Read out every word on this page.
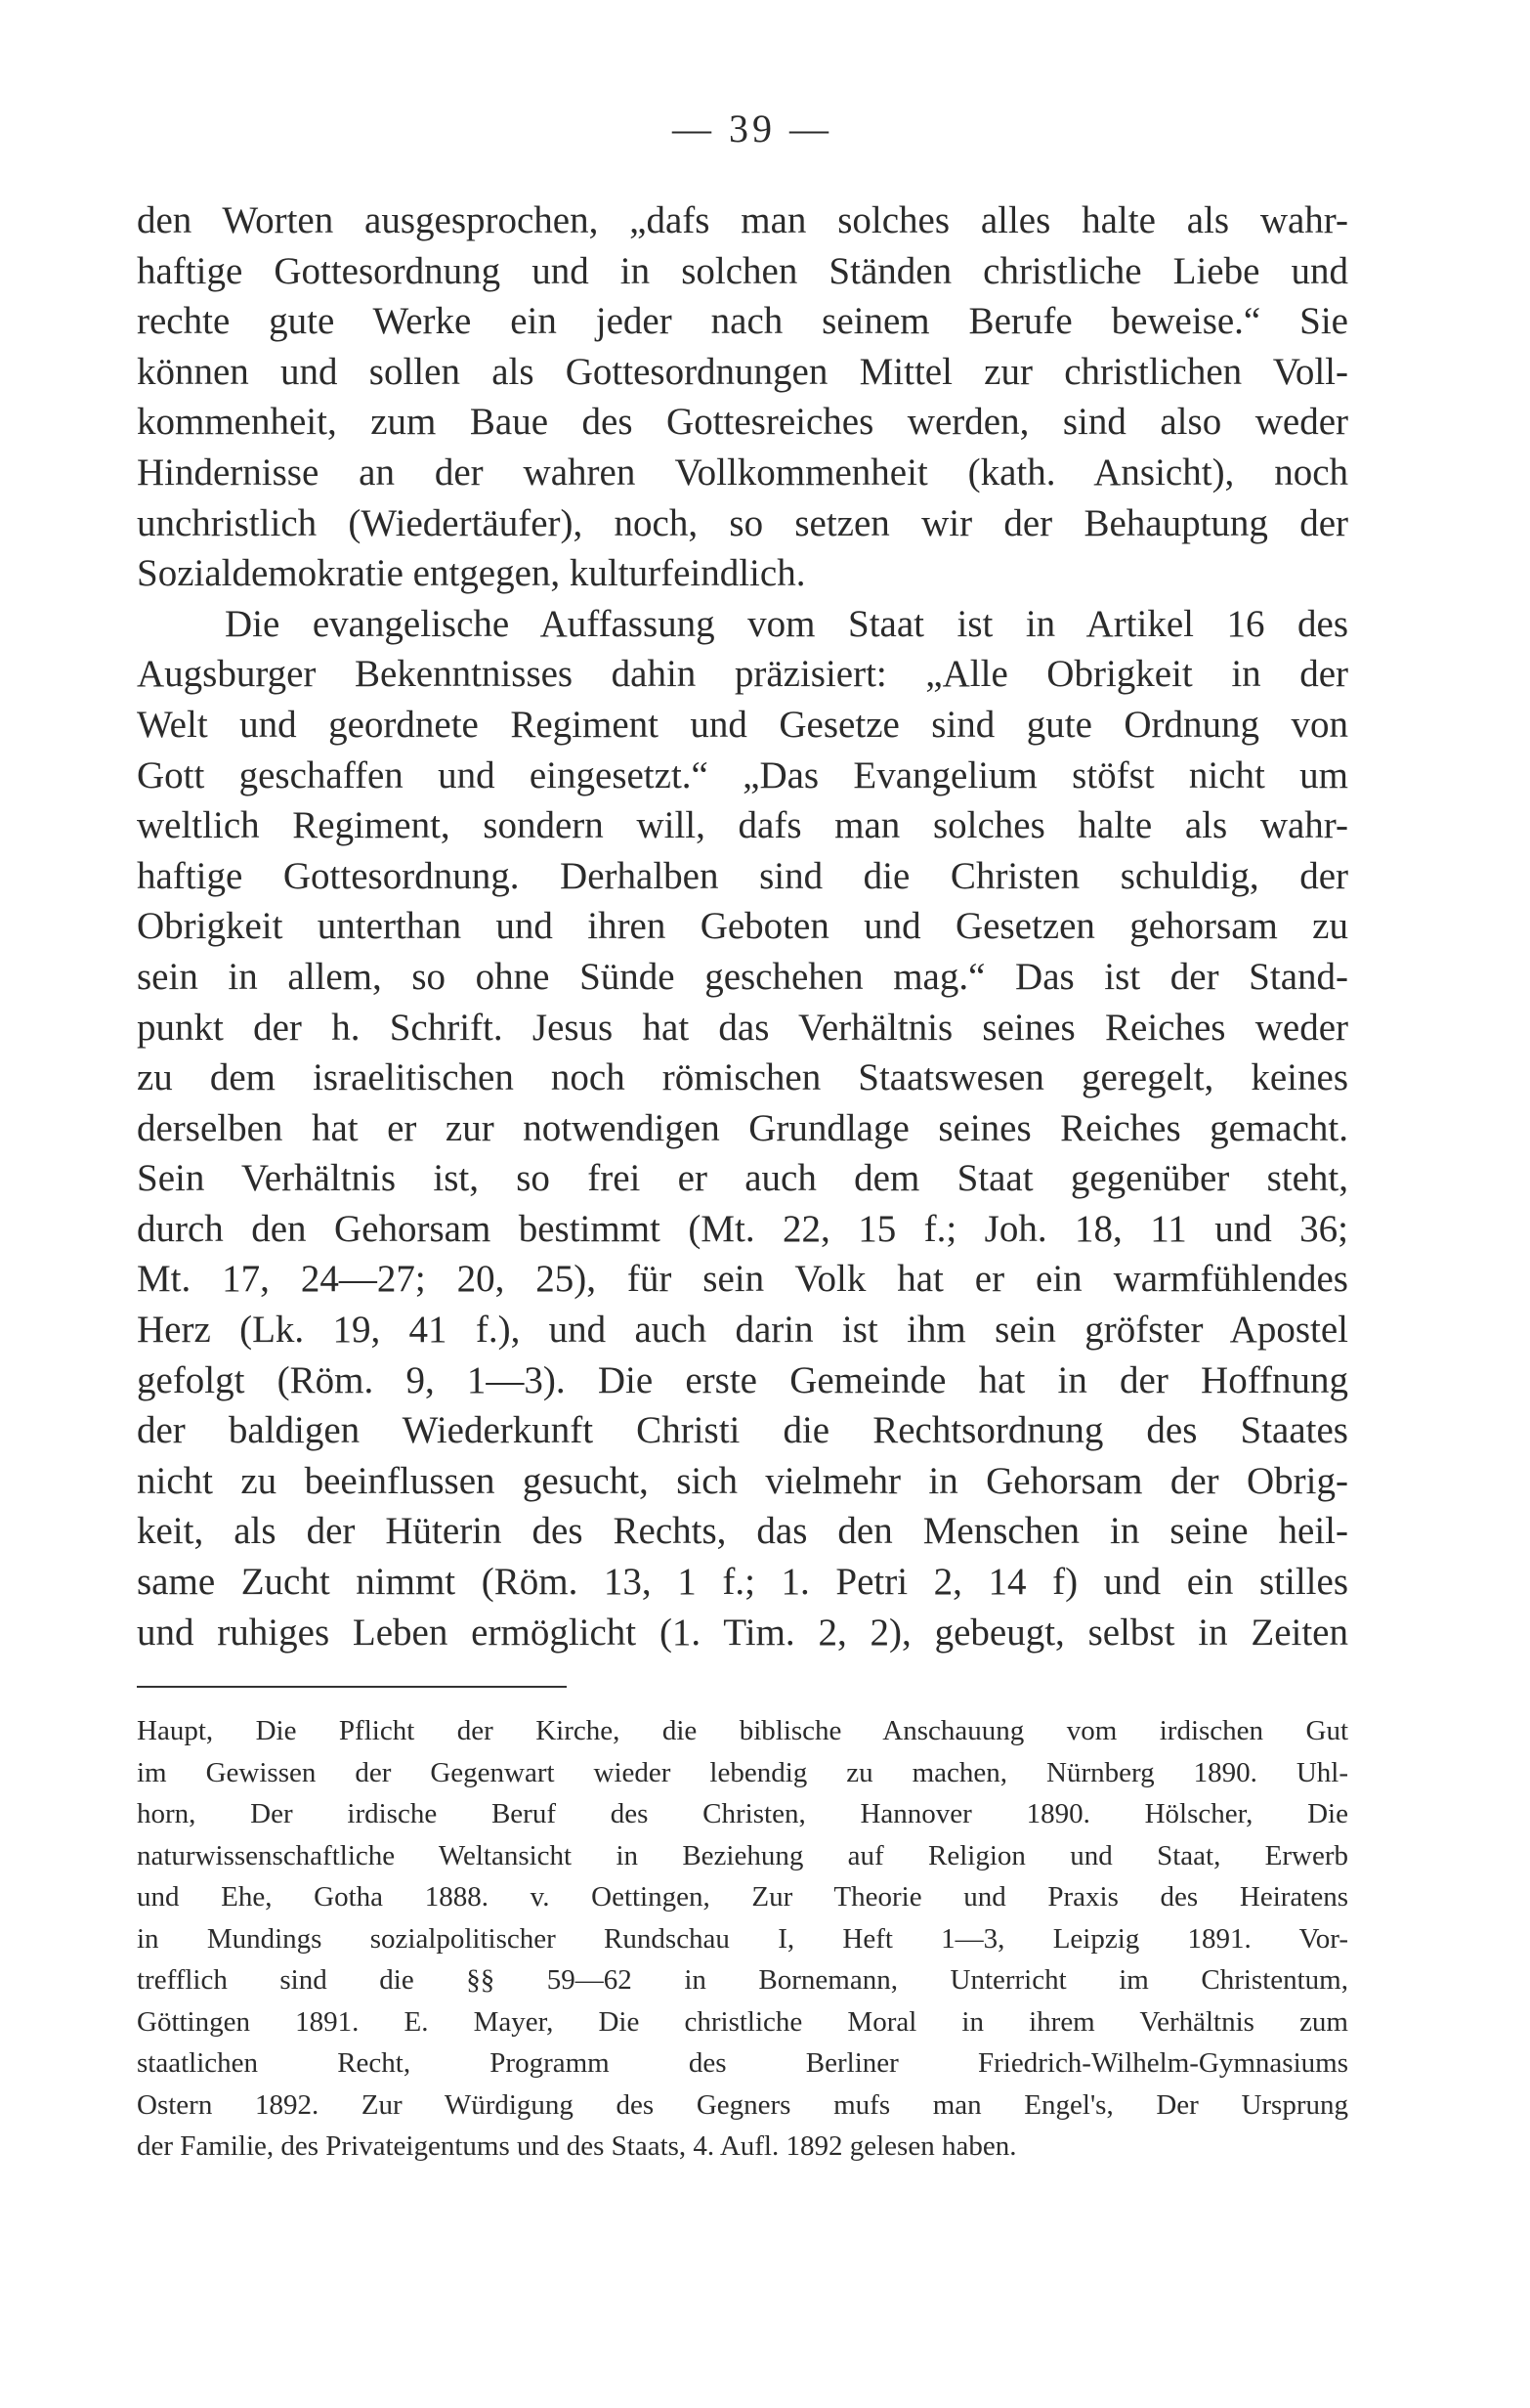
— 39 —
den Worten ausgesprochen, „dafs man solches alles halte als wahr-
haftige Gottesordnung und in solchen Ständen christliche Liebe und
rechte gute Werke ein jeder nach seinem Berufe beweise.“ Sie
können und sollen als Gottesordnungen Mittel zur christlichen Voll-
kommenheit, zum Baue des Gottesreiches werden, sind also weder
Hindernisse an der wahren Vollkommenheit (kath. Ansicht), noch
unchristlich (Wiedertäufer), noch, so setzen wir der Behauptung der
Sozialdemokratie entgegen, kulturfeindlich.
Die evangelische Auffassung vom Staat ist in Artikel 16 des
Augsburger Bekenntnisses dahin präzisiert: „Alle Obrigkeit in der
Welt und geordnete Regiment und Gesetze sind gute Ordnung von
Gott geschaffen und eingesetzt.“ „Das Evangelium stöfst nicht um
weltlich Regiment, sondern will, dafs man solches halte als wahr-
haftige Gottesordnung. Derhalben sind die Christen schuldig, der
Obrigkeit unterthan und ihren Geboten und Gesetzen gehorsam zu
sein in allem, so ohne Sünde geschehen mag.“ Das ist der Stand-
punkt der h. Schrift. Jesus hat das Verhältnis seines Reiches weder
zu dem israelitischen noch römischen Staatswesen geregelt, keines
derselben hat er zur notwendigen Grundlage seines Reiches gemacht.
Sein Verhältnis ist, so frei er auch dem Staat gegenüber steht,
durch den Gehorsam bestimmt (Mt. 22, 15 f.; Joh. 18, 11 und 36;
Mt. 17, 24—27; 20, 25), für sein Volk hat er ein warmfühlendes
Herz (Lk. 19, 41 f.), und auch darin ist ihm sein gröfster Apostel
gefolgt (Röm. 9, 1—3). Die erste Gemeinde hat in der Hoffnung
der baldigen Wiederkunft Christi die Rechtsordnung des Staates
nicht zu beeinflussen gesucht, sich vielmehr in Gehorsam der Obrig-
keit, als der Hüterin des Rechts, das den Menschen in seine heil-
same Zucht nimmt (Röm. 13, 1 f.; 1. Petri 2, 14 f) und ein stilles
und ruhiges Leben ermöglicht (1. Tim. 2, 2), gebeugt, selbst in Zeiten
Haupt, Die Pflicht der Kirche, die biblische Anschauung vom irdischen Gut
im Gewissen der Gegenwart wieder lebendig zu machen, Nürnberg 1890. Uhl-
horn, Der irdische Beruf des Christen, Hannover 1890. Hölscher, Die
naturwissenschaftliche Weltansicht in Beziehung auf Religion und Staat, Erwerb
und Ehe, Gotha 1888. v. Oettingen, Zur Theorie und Praxis des Heiratens
in Mundings sozialpolitischer Rundschau I, Heft 1—3, Leipzig 1891. Vor-
trefflich sind die §§ 59—62 in Bornemann, Unterricht im Christentum,
Göttingen 1891. E. Mayer, Die christliche Moral in ihrem Verhältnis zum
staatlichen Recht, Programm des Berliner Friedrich-Wilhelm-Gymnasiums
Ostern 1892. Zur Würdigung des Gegners mufs man Engel's, Der Ursprung
der Familie, des Privateigentums und des Staats, 4. Aufl. 1892 gelesen haben.
